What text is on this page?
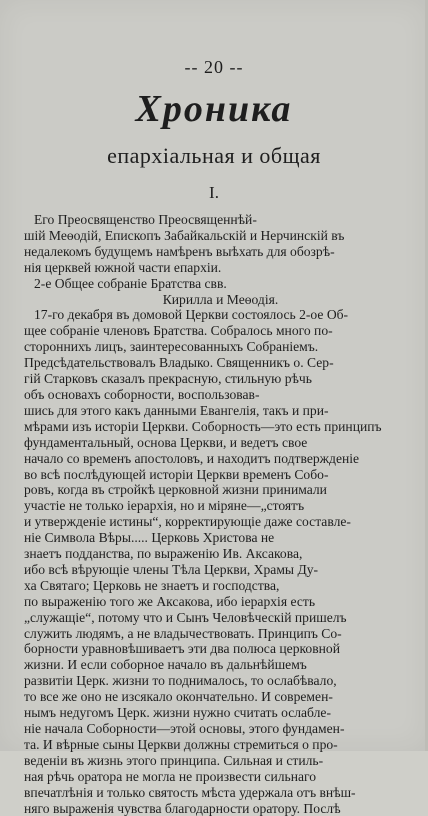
-- 20 --
Хроника
епархіальная и общая
I.
Его Преосвященство Преосвященнѣй-
шій Меѳодій, Епископъ Забайкальскій и Нерчинскій въ
недалекомъ будущемъ намѣренъ выѣхать для обозрѣ-
нія церквей южной части епархіи.
2-е Общее собраніе Братства свв.
Кирилла и Меѳодія.
17-го декабря въ домовой Церкви состоялось 2-ое Об-
щее собраніе членовъ Братства. Собралось много по-
стороннихъ лицъ, заинтересованныхъ Собраніемъ.
Предсѣдательствовалъ Владыко. Священникъ о. Сер-
гій Старковъ сказалъ прекрасную, стильную рѣчь
объ основахъ соборности, воспользовав-
шись для этого какъ данными Евангелія, такъ и при-
мѣрами изъ исторіи Церкви. Соборность—это есть принципъ
фундаментальный, основа Церкви, и ведетъ свое
начало со временъ апостоловъ, и находитъ подтвержденіе
во всѣ послѣдующей исторіи Церкви временъ Собо-
ровъ, когда въ стройкѣ церковной жизни принимали
участіе не только іерархія, но и міряне—„стоятъ
и утвержденіе истины“, корректирующіе даже составле-
ніе Символа Вѣры..... Церковь Христова не
знаетъ подданства, по выраженію Ив. Аксакова,
ибо всѣ вѣрующіе члены Тѣла Церкви, Храмы Ду-
ха Святаго; Церковь не знаетъ и господства,
по выраженію того же Аксакова, ибо іерархія есть
„служащіе“, потому что и Сынъ Человѣческій пришелъ
служить людямъ, а не владычествовать. Принципъ Со-
борности уравновѣшиваетъ эти два полюса церковной
жизни. И если соборное начало въ дальнѣйшемъ
развитіи Церк. жизни то поднималось, то ослабѣвало,
то все же оно не изсякало окончательно. И современ-
нымъ недугомъ Церк. жизни нужно считать ослабле-
ніе начала Соборности—этой основы, этого фундамен-
та. И вѣрные сыны Церкви должны стремиться о про-
веденіи въ жизнь этого принципа. Сильная и стиль-
ная рѣчь оратора не могла не произвести сильнаго
впечатлѣнія и только святость мѣста удержала отъ внѣш-
няго выраженія чувства благодарности оратору. Послѣ
